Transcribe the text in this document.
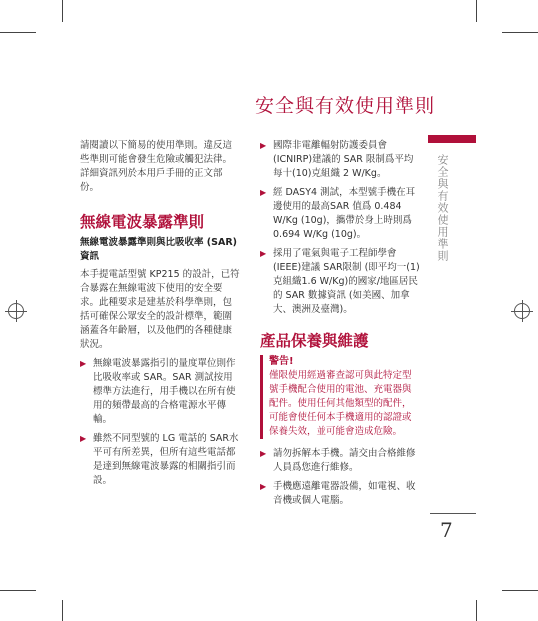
安全與有效使用準則
安全與有效使用準則

請閱讀以下簡易的使用準則。違反這些準則可能會發生危險或觸犯法律。詳細資訊列於本用戶手冊的正文部份。

無線電波暴露準則

無線電波暴露準則與比吸收率 (SAR)資訊

本手提電話型號 KP215 的設計，已符合暴露在無線電波下使用的安全要求。此種要求是建基於科學準則，包括可確保公眾安全的設計標準，範圍涵蓋各年齡層，以及他們的各種健康狀況。

▶ 無線電波暴露指引的量度單位則作比吸收率或 SAR。SAR 測試按用標準方法進行，用手機以在所有使用的頻帶最高的合格電源水平傳輸。
▶ 雖然不同型號的 LG 電話的 SAR水平可有所差異，但所有這些電話都是達到無線電波暴露的相關指引而設。
▶ 國際非電離輻射防護委員會 (ICNIRP)建議的 SAR 限制爲平均每十(10)克組織 2 W/Kg。
▶ 經 DASY4 測試，本型號手機在耳邊使用的最高SAR 值爲 0.484 W/Kg (10g)，攜帶於身上時則爲 0.694 W/Kg (10g)。
▶ 採用了電氣與電子工程師學會 (IEEE)建議 SAR限制 (即平均一(1)克組織1.6 W/Kg)的國家/地區居民的 SAR 數據資訊 (如美國、加拿大、澳洲及臺灣)。

產品保養與維護

警告!
僅限使用經過審查認可與此特定型號手機配合使用的電池、充電器與配件。使用任何其他類型的配件，可能會使任何本手機適用的認證或保養失效，並可能會造成危險。
▶ 請勿拆解本手機。請交由合格維修人員爲您進行維修。
▶ 手機應遠離電器設備，如電視、收音機或個人電腦。
7
